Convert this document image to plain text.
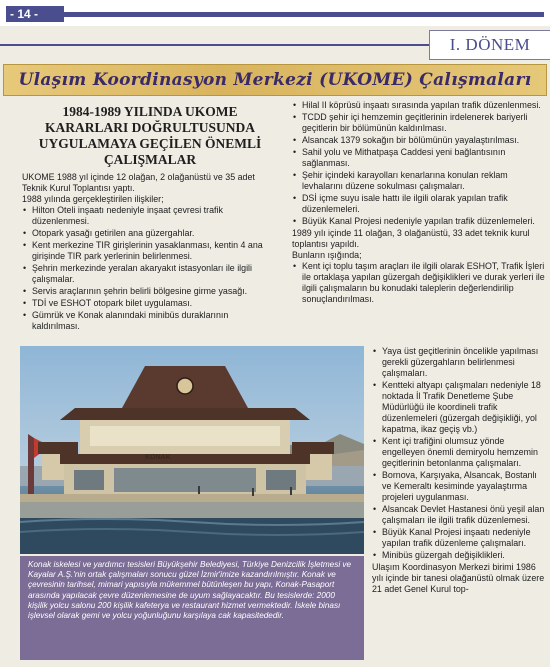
- 14 -
I. DÖNEM
Ulaşım Koordinasyon Merkezi (UKOME) Çalışmaları
1984-1989 YILINDA UKOME KARARLARI DOĞRULTUSUNDA UYGULAMAYA GEÇİLEN ÖNEMLİ ÇALIŞMALAR

UKOME 1988 yıl içinde 12 olağan, 2 olağanüstü ve 35 adet Teknik Kurul Toplantısı yaptı.

1988 yılında gerçekleştirilen ilişkiler;

• Hilton Oteli inşaatı nedeniyle inşaat çevresi trafik düzenlenmesi.
• Otopark yasağı getirilen ana güzergahlar.
• Kent merkezine TIR girişlerinin yasaklanması, kentin 4 ana girişinde TIR park yerlerinin belirlenmesi.
• Şehrin merkezinde yeralan akaryakıt istasyonları ile ilgili çalışmalar.
• Servis araçlarının şehrin belirli bölgesine girme yasağı.
• TDİ ve ESHOT otopark bilet uygulaması.
• Gümrük ve Konak alanındaki minibüs duraklarının kaldırılması.
• Hilal II köprüsü inşaatı sırasında yapılan trafik düzenlenmesi.
• TCDD şehir içi hemzemin geçitlerinin irdelenerek bariyerli geçitlerin bir bölümünün kaldırılması.
• Alsancak 1379 sokağın bir bölümünün yayalaştırılması.
• Sahil yolu ve Mithatpaşa Caddesi yeni bağlantısının sağlanması.
• Şehir içindeki karayolları kenarlarına konulan reklam levhalarını düzene sokulması çalışmaları.
• DSİ içme suyu isale hattı ile ilgili olarak yapılan trafik düzenlemeleri.
• Büyük Kanal Projesi nedeniyle yapılan trafik düzenlemeleri.

1989 yılı içinde 11 olağan, 3 olağanüstü, 33 adet teknik kurul toplantısı yapıldı.

Bunların ışığında;

• Kent içi toplu taşım araçları ile ilgili olarak ESHOT, Trafik İşleri ile ortaklaşa yapılan güzergah değişiklikleri ve durak yerleri ile ilgili çalışmaların bu konudaki taleplerin değerlendirilip sonuçlandırılması.
KONAK
• Yaya üst geçitlerinin öncelikle yapılması gerekli güzergahların belirlenmesi çalışmaları.
• Kentteki altyapı çalışmaları nedeniyle 18 noktada İl Trafik Denetleme Şube Müdürlüğü ile koordineli trafik düzenlemeleri (güzergah değişikliği, yol kapatma, ikaz geçiş vb.)
• Kent içi trafiğini olumsuz yönde engelleyen önemli demiryolu hemzemin geçitlerinin betonlanma çalışmaları.
• Bornova, Karşıyaka, Alsancak, Bostanlı ve Kemeraltı kesiminde yayalaştırma projeleri uygulanması.
• Alsancak Devlet Hastanesi önü yeşil alan çalışmaları ile ilgili trafik düzenlemesi.
• Büyük Kanal Projesi inşaatı nedeniyle yapılan trafik düzenleme çalışmaları.
• Minibüs güzergah değişiklikleri.

Ulaşım Koordinasyon Merkezi birimi 1986 yılı içinde bir tanesi olağanüstü olmak üzere 21 adet Genel Kurul top-

Konak iskelesi ve yardımcı tesisleri Büyükşehir Belediyesi, Türkiye Denizcilik İşletmesi ve Kayalar A.Ş.'nin ortak çalışmaları sonucu güzel İzmir'imize kazandırılmıştır. Konak ve çevresinin tarihsel, mimari yapısıyla mükemmel bütünleşen bu yapı, Konak-Pasaport arasında yapılacak çevre düzenlemesine de uyum sağlayacaktır. Bu tesislerde: 2000 kişilik yolcu salonu 200 kişilik kafeterya ve restaurant hizmet vermektedir. İskele binası işlevsel olarak gemi ve yolcu yoğunluğunu karşılaya cak kapasitededir.
